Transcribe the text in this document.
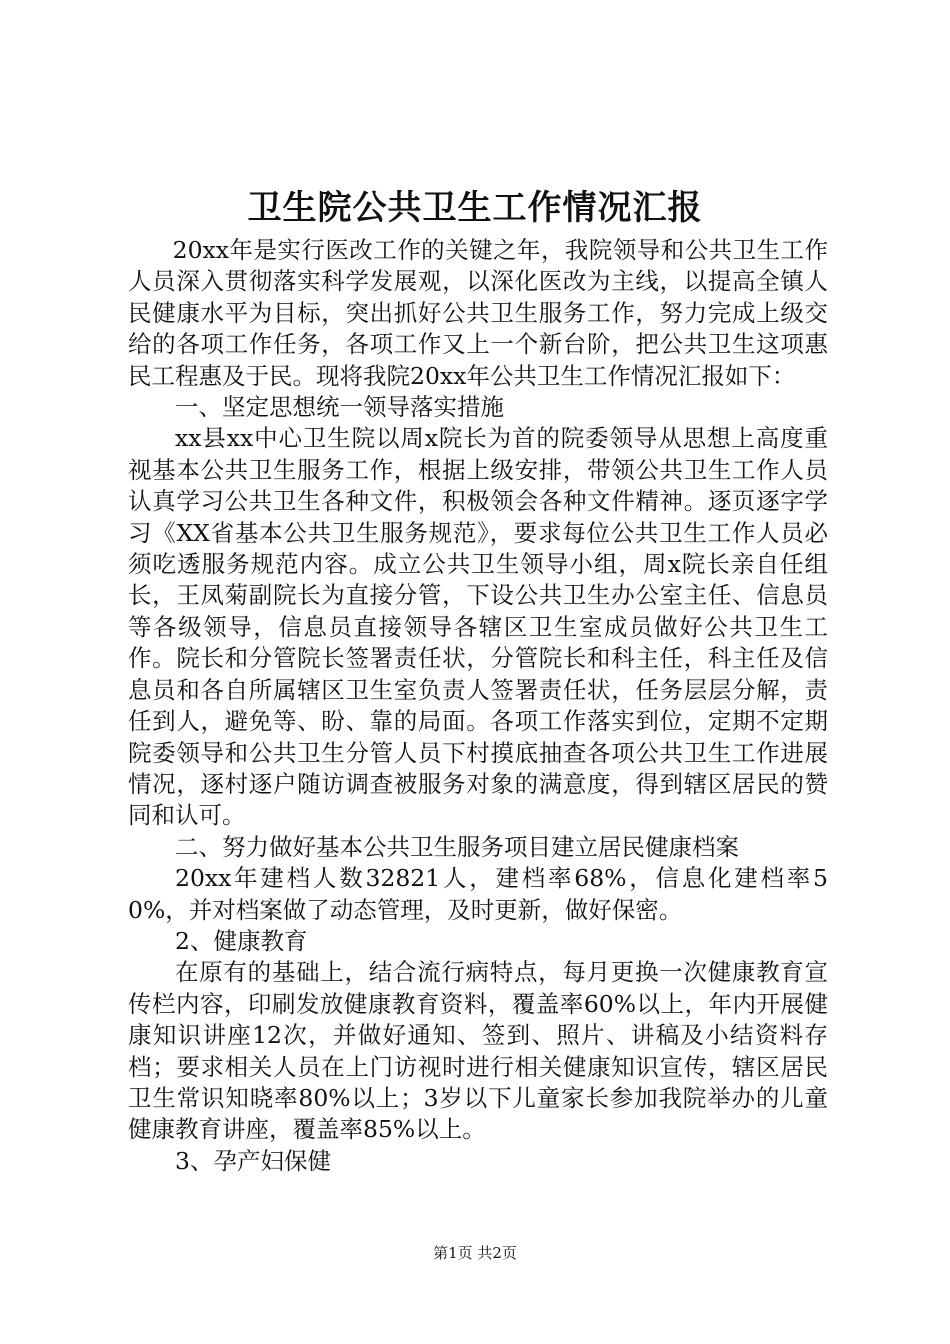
卫生院公共卫生工作情况汇报

20xx年是实行医改工作的关键之年，我院领导和公共卫生工作人员深入贯彻落实科学发展观，以深化医改为主线，以提高全镇人民健康水平为目标，突出抓好公共卫生服务工作，努力完成上级交给的各项工作任务，各项工作又上一个新台阶，把公共卫生这项惠民工程惠及于民。现将我院20xx年公共卫生工作情况汇报如下：

一、坚定思想统一领导落实措施

xx县xx中心卫生院以周x院长为首的院委领导从思想上高度重视基本公共卫生服务工作，根据上级安排，带领公共卫生工作人员认真学习公共卫生各种文件，积极领会各种文件精神。逐页逐字学习《XX省基本公共卫生服务规范》，要求每位公共卫生工作人员必须吃透服务规范内容。成立公共卫生领导小组，周x院长亲自任组长，王凤菊副院长为直接分管，下设公共卫生办公室主任、信息员等各级领导，信息员直接领导各辖区卫生室成员做好公共卫生工作。院长和分管院长签署责任状，分管院长和科主任，科主任及信息员和各自所属辖区卫生室负责人签署责任状，任务层层分解，责任到人，避免等、盼、靠的局面。各项工作落实到位，定期不定期院委领导和公共卫生分管人员下村摸底抽查各项公共卫生工作进展情况，逐村逐户随访调查被服务对象的满意度，得到辖区居民的赞同和认可。

二、努力做好基本公共卫生服务项目建立居民健康档案

20xx年建档人数32821人，建档率68%，信息化建档率50%，并对档案做了动态管理，及时更新，做好保密。

2、健康教育

在原有的基础上，结合流行病特点，每月更换一次健康教育宣传栏内容，印刷发放健康教育资料，覆盖率60%以上，年内开展健康知识讲座12次，并做好通知、签到、照片、讲稿及小结资料存档；要求相关人员在上门访视时进行相关健康知识宣传，辖区居民卫生常识知晓率80%以上；3岁以下儿童家长参加我院举办的儿童健康教育讲座，覆盖率85%以上。

3、孕产妇保健

第1页 共2页
